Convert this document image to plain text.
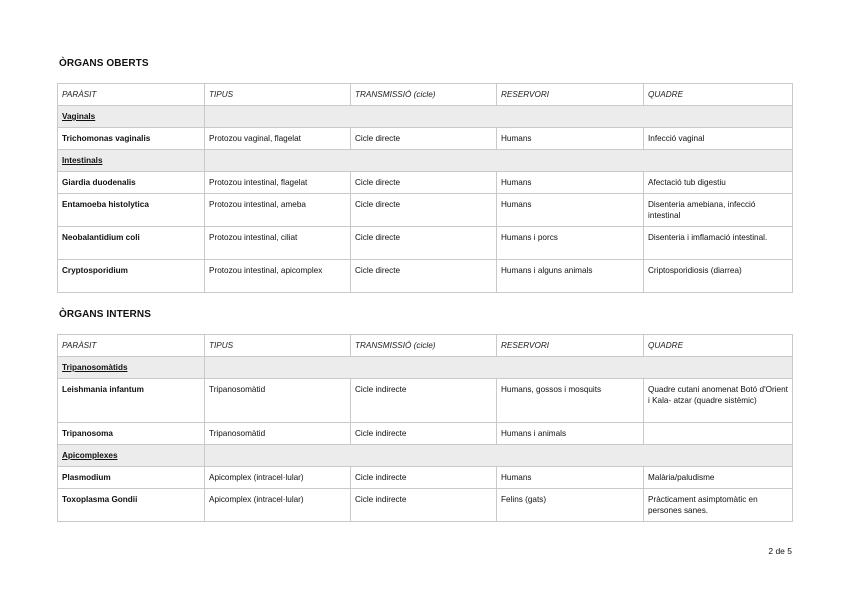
ÒRGANS OBERTS
PARÀSIT	TIPUS	TRANSMISSIÓ (cicle)	RESERVORI	QUADRE
Vaginals				
Trichomonas vaginalis	Protozou vaginal, flagelat	Cicle directe	Humans	Infecció vaginal
Intestinals				
Giardia duodenalis	Protozou intestinal, flagelat	Cicle directe	Humans	Afectació tub digestiu
Entamoeba histolytica	Protozou intestinal, ameba	Cicle directe	Humans	Disenteria amebiana, infecció intestinal
Neobalantidium coli	Protozou intestinal, ciliat	Cicle directe	Humans i porcs	Disenteria i imflamació intestinal.
Cryptosporidium	Protozou intestinal, apicomplex	Cicle directe	Humans i alguns animals	Criptosporidiosis (diarrea)
ÒRGANS INTERNS
PARÀSIT	TIPUS	TRANSMISSIÓ (cicle)	RESERVORI	QUADRE
Tripanosomàtids				
Leishmania infantum	Tripanosomàtid	Cicle indirecte	Humans, gossos i mosquits	Quadre cutani anomenat Botó d'Orient i Kala- atzar (quadre sistèmic)
Tripanosoma	Tripanosomàtid	Cicle indirecte	Humans i animals	
Apicomplexes				
Plasmodium	Apicomplex (intracel·lular)	Cicle indirecte	Humans	Malària/paludisme
Toxoplasma Gondii	Apicomplex (intracel·lular)	Cicle indirecte	Felins (gats)	Pràcticament asimptomàtic en persones sanes.
2 de 5
